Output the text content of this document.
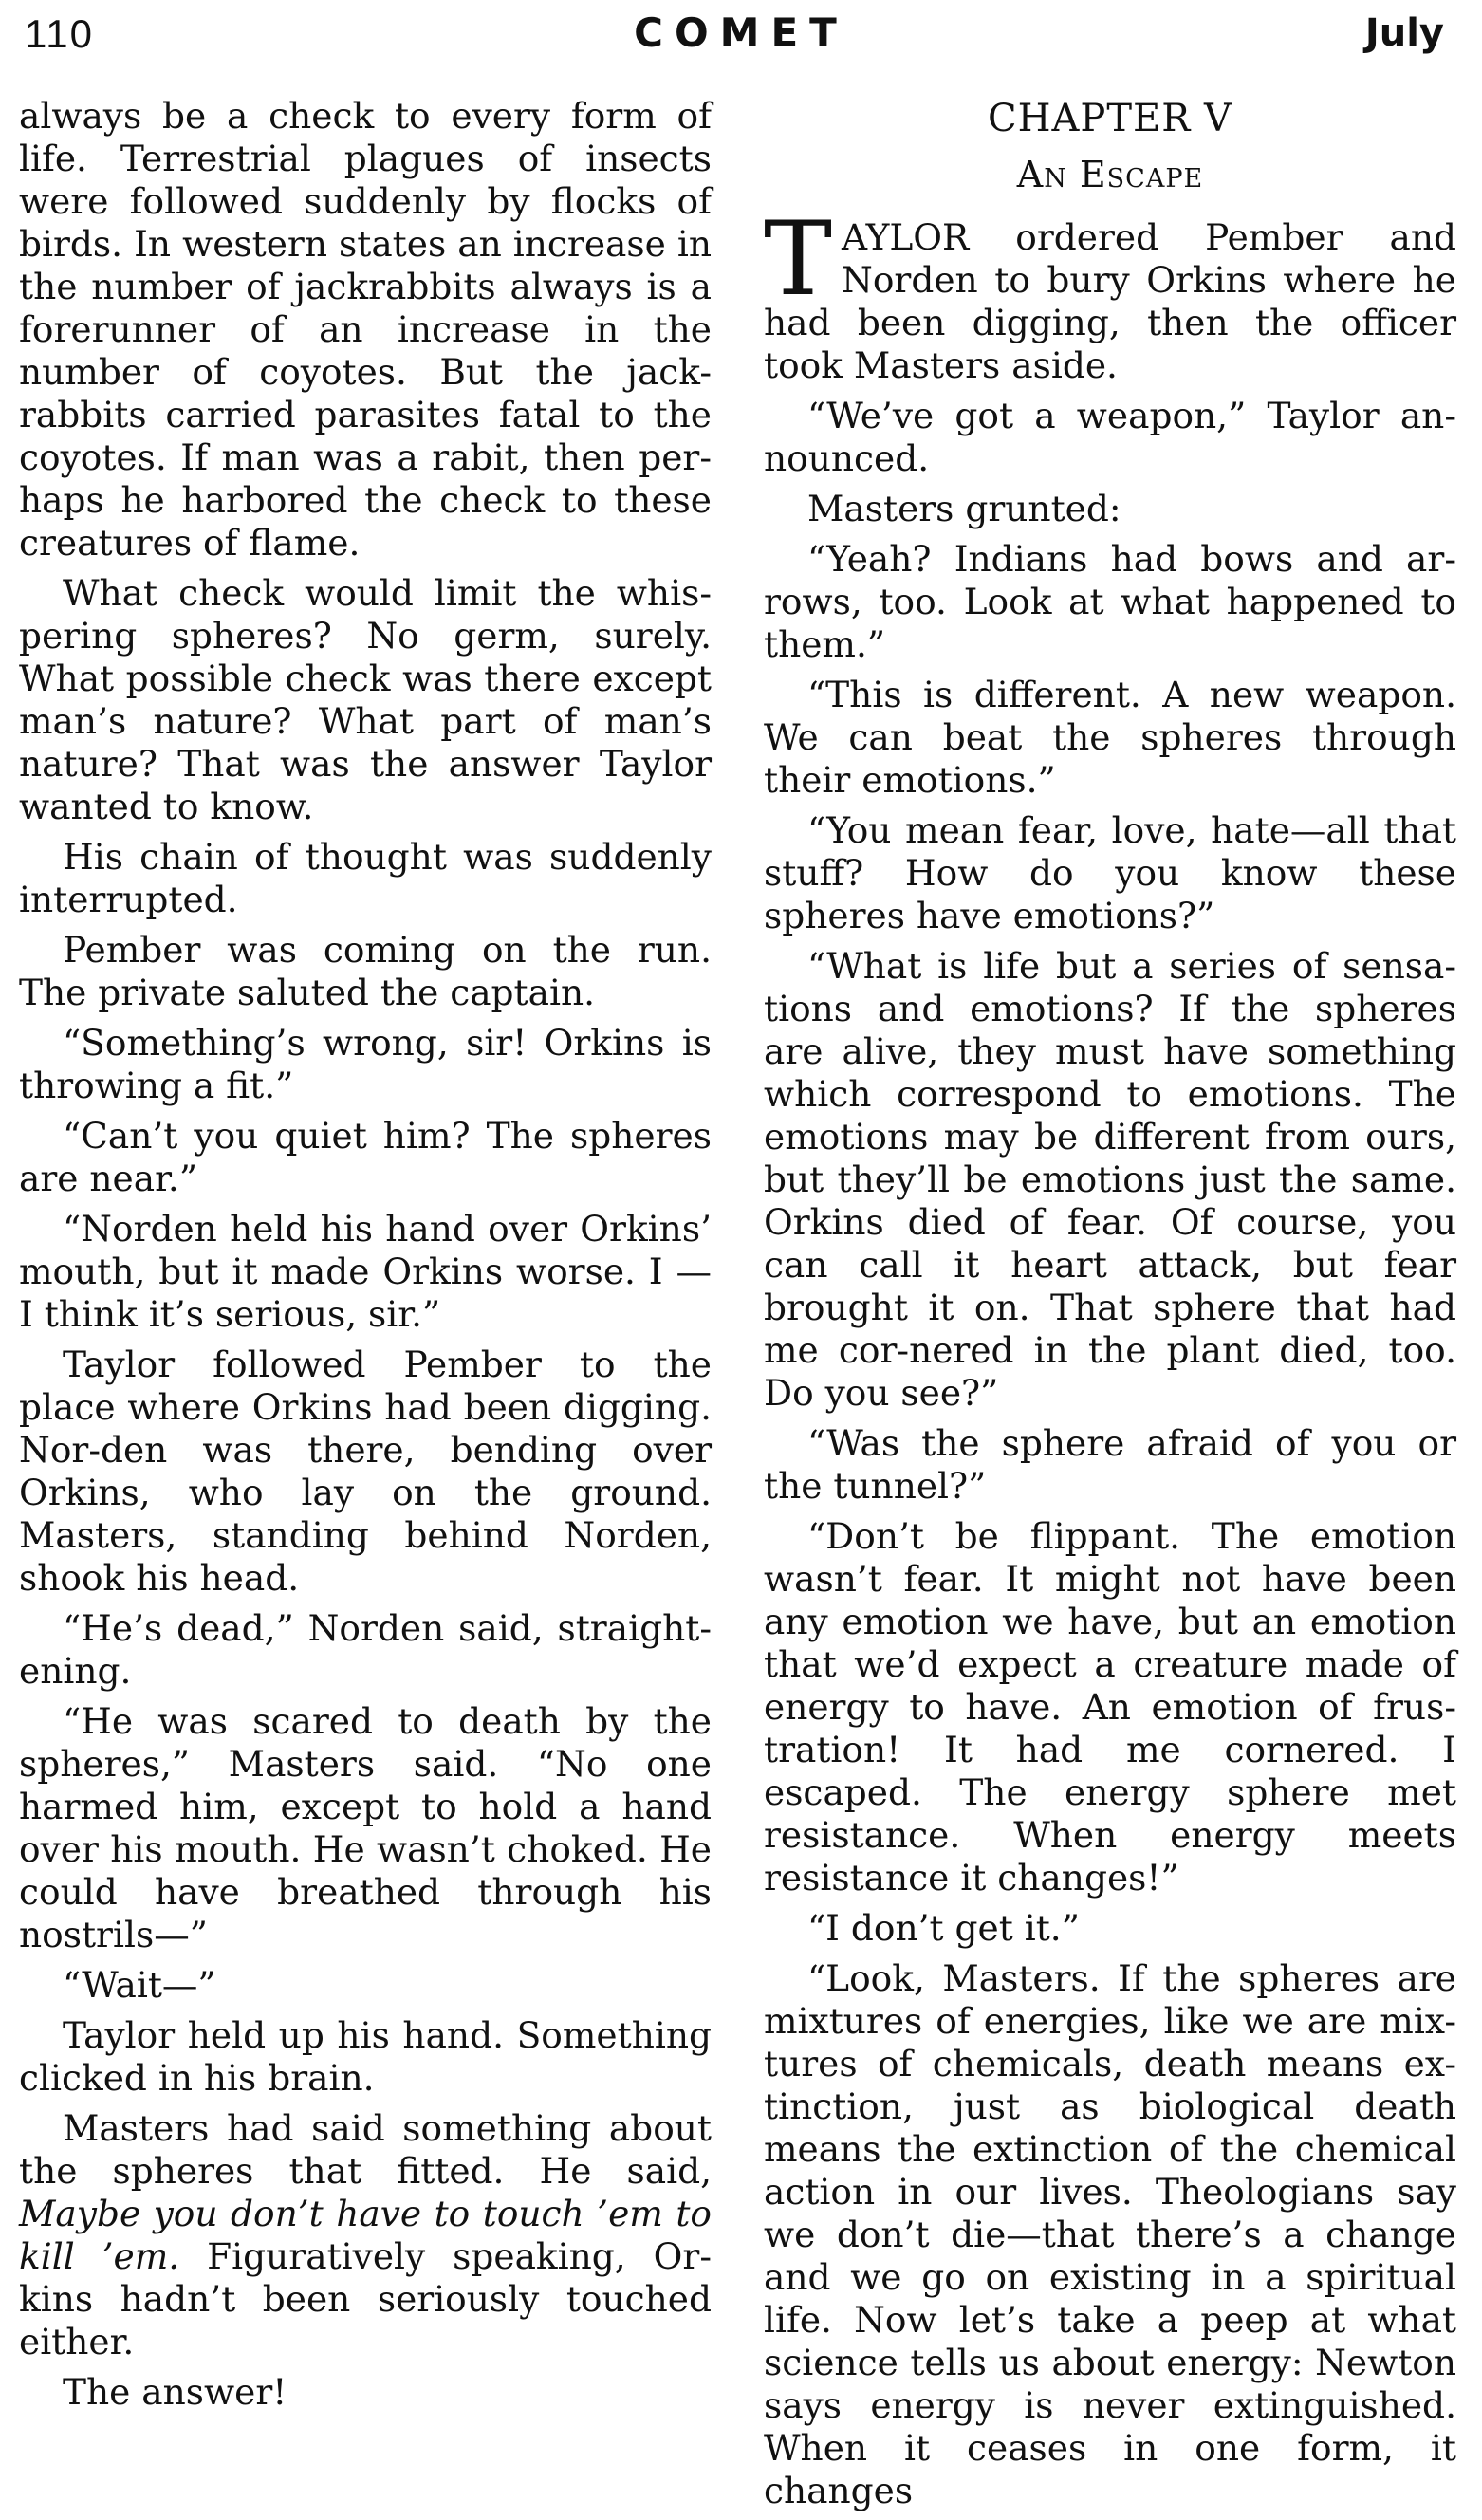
110	COMET	July

always be a check to every form of life. Terrestrial plagues of insects were followed suddenly by flocks of birds. In western states an increase in the number of jackrabbits always is a forerunner of an increase in the number of coyotes. But the jack-rabbits carried parasites fatal to the coyotes. If man was a rabit, then per-haps he harbored the check to these creatures of flame.

What check would limit the whis-pering spheres? No germ, surely. What possible check was there except man’s nature? What part of man’s nature? That was the answer Taylor wanted to know.

His chain of thought was suddenly interrupted.

Pember was coming on the run. The private saluted the captain.

“Something’s wrong, sir! Orkins is throwing a fit.”

“Can’t you quiet him? The spheres are near.”

“Norden held his hand over Orkins’ mouth, but it made Orkins worse. I —I think it’s serious, sir.”

Taylor followed Pember to the place where Orkins had been digging. Nor-den was there, bending over Orkins, who lay on the ground. Masters, standing behind Norden, shook his head.

“He’s dead,” Norden said, straight-ening.

“He was scared to death by the spheres,” Masters said. “No one harmed him, except to hold a hand over his mouth. He wasn’t choked. He could have breathed through his nostrils—”

“Wait—”

Taylor held up his hand. Something clicked in his brain.

Masters had said something about the spheres that fitted. He said, Maybe you don’t have to touch ’em to kill ’em. Figuratively speaking, Or-kins hadn’t been seriously touched either.

The answer!

CHAPTER V
An Escape

TAYLOR ordered Pember and Norden to bury Orkins where he had been digging, then the officer took Masters aside.

“We’ve got a weapon,” Taylor an-nounced.

Masters grunted:

“Yeah? Indians had bows and ar-rows, too. Look at what happened to them.”

“This is different. A new weapon. We can beat the spheres through their emotions.”

“You mean fear, love, hate—all that stuff? How do you know these spheres have emotions?”

“What is life but a series of sensa-tions and emotions? If the spheres are alive, they must have something which correspond to emotions. The emotions may be different from ours, but they’ll be emotions just the same. Orkins died of fear. Of course, you can call it heart attack, but fear brought it on. That sphere that had me cor-nered in the plant died, too. Do you see?”

“Was the sphere afraid of you or the tunnel?”

“Don’t be flippant. The emotion wasn’t fear. It might not have been any emotion we have, but an emotion that we’d expect a creature made of energy to have. An emotion of frus-tration! It had me cornered. I escaped. The energy sphere met resistance. When energy meets resistance it changes!”

“I don’t get it.”

“Look, Masters. If the spheres are mixtures of energies, like we are mix-tures of chemicals, death means ex-tinction, just as biological death means the extinction of the chemical action in our lives. Theologians say we don’t die—that there’s a change and we go on existing in a spiritual life. Now let’s take a peep at what science tells us about energy: Newton says energy is never extinguished. When it ceases in one form, it changes
